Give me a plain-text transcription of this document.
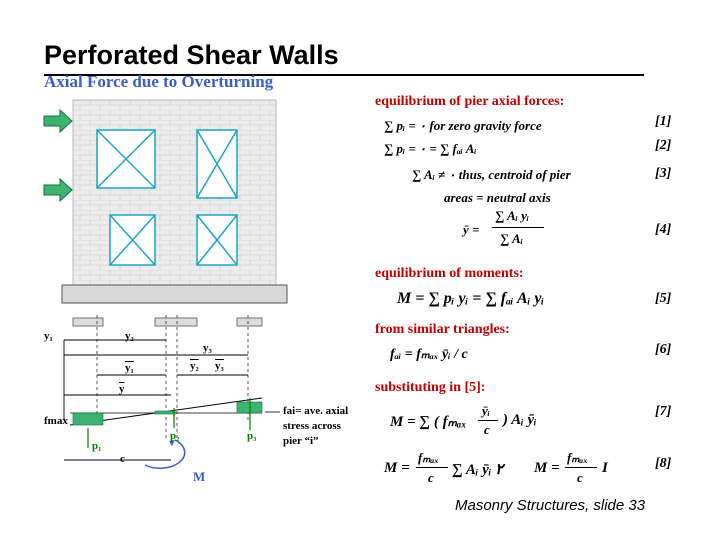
Perforated Shear Walls
Axial Force due to Overturning
y₁	y₂
y₃
y₁	y₂ y₃
$\overline{y}$
fmax
p₁
p₂	p₃
c
M
fai= ave. axial
stress across
pier “i”
equilibrium of pier axial forces:
∑ pᵢ = ٠ for zero gravity force
∑ pᵢ = ٠ = ∑ fₐᵢ Aᵢ
∑ Aᵢ ≠ ٠ thus, centroid of pier
areas = neutral axis
ȳ =
∑ Aᵢ yᵢ
∑ Aᵢ
equilibrium of moments:
M = ∑ pᵢ yᵢ = ∑ fₐᵢ Aᵢ yᵢ
from similar triangles:
fₐᵢ = fₘₐₓ ȳᵢ / c
substituting in [5]:
M = ∑ ( fₘₐₓ
ȳᵢ
c
) Aᵢ ȳᵢ
M =
fₘₐₓ
c ∑ Aᵢ ȳᵢ ٢ M =
fₘₐₓ
c
I
[1]
[2]
[3]
[4]
[5]
[6]
[7]
[8]
Masonry Structures, slide 33
